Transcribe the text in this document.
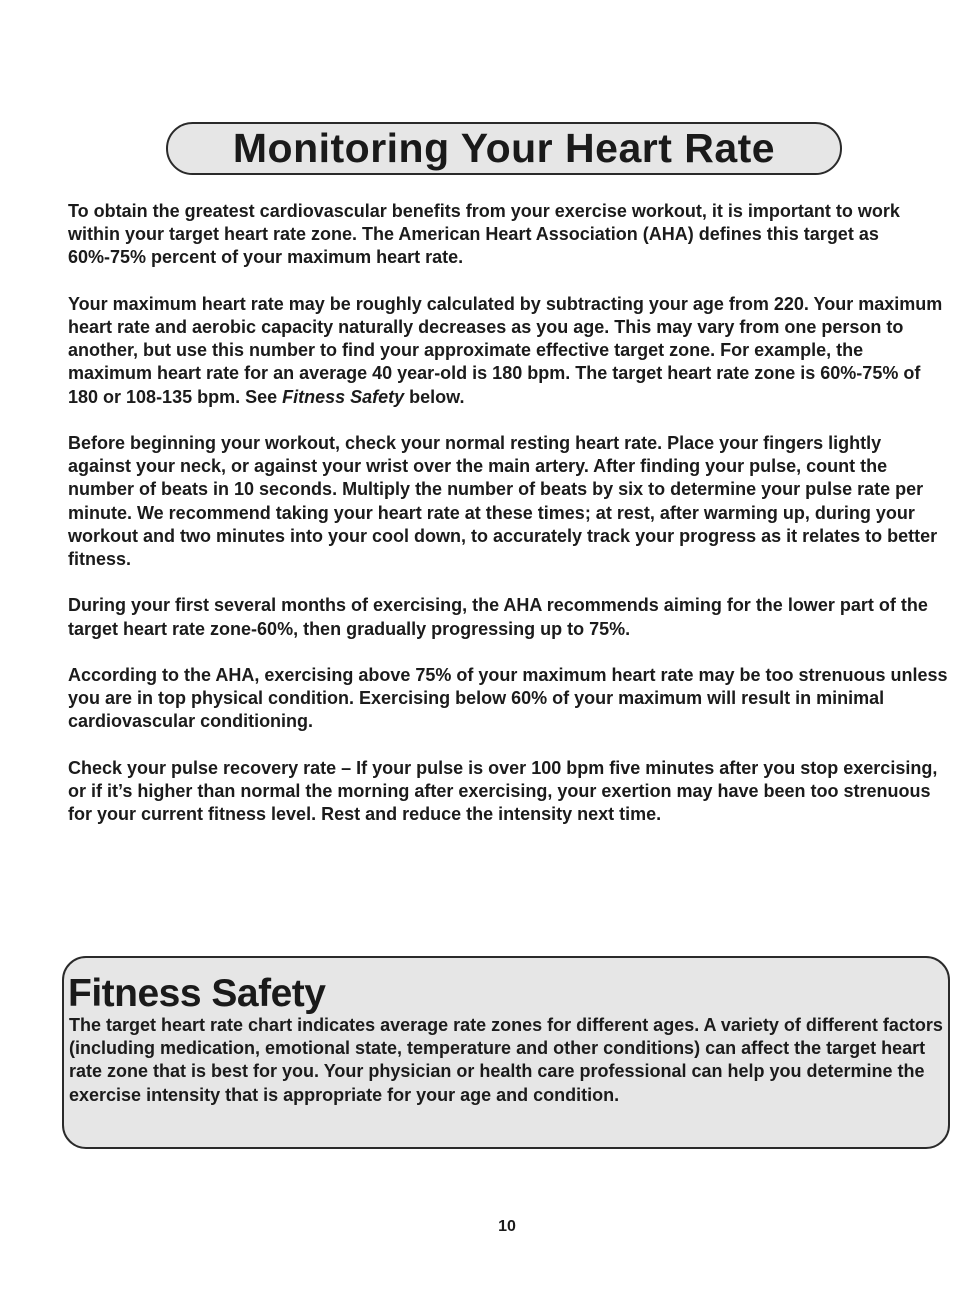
Monitoring Your Heart Rate

To obtain the greatest cardiovascular benefits from your exercise workout, it is important to work within your target heart rate zone. The American Heart Association (AHA) defines this target as 60%-75% percent of your maximum heart rate.

Your maximum heart rate may be roughly calculated by subtracting your age from 220. Your maximum heart rate and aerobic capacity naturally decreases as you age. This may vary from one person to another, but use this number to find your approximate effective target zone. For example, the maximum heart rate for an average 40 year-old is 180 bpm. The target heart rate zone is 60%-75% of 180 or 108-135 bpm. See Fitness Safety below.

Before beginning your workout, check your normal resting heart rate. Place your fingers lightly against your neck, or against your wrist over the main artery. After finding your pulse, count the number of beats in 10 seconds. Multiply the number of beats by six to determine your pulse rate per minute. We recommend taking your heart rate at these times; at rest, after warming up, during your workout and two minutes into your cool down, to accurately track your progress as it relates to better fitness.

During your first several months of exercising, the AHA recommends aiming for the lower part of the target heart rate zone-60%, then gradually progressing up to 75%.

According to the AHA, exercising above 75% of your maximum heart rate may be too strenuous unless you are in top physical condition. Exercising below 60% of your maximum will result in minimal cardiovascular conditioning.

Check your pulse recovery rate – If your pulse is over 100 bpm five minutes after you stop exercising, or if it’s higher than normal the morning after exercising, your exertion may have been too strenuous for your current fitness level. Rest and reduce the intensity next time.

Fitness Safety

The target heart rate chart indicates average rate zones for different ages. A variety of different factors (including medication, emotional state, temperature and other conditions) can affect the target heart rate zone that is best for you. Your physician or health care professional can help you determine the exercise intensity that is appropriate for your age and condition.

10
